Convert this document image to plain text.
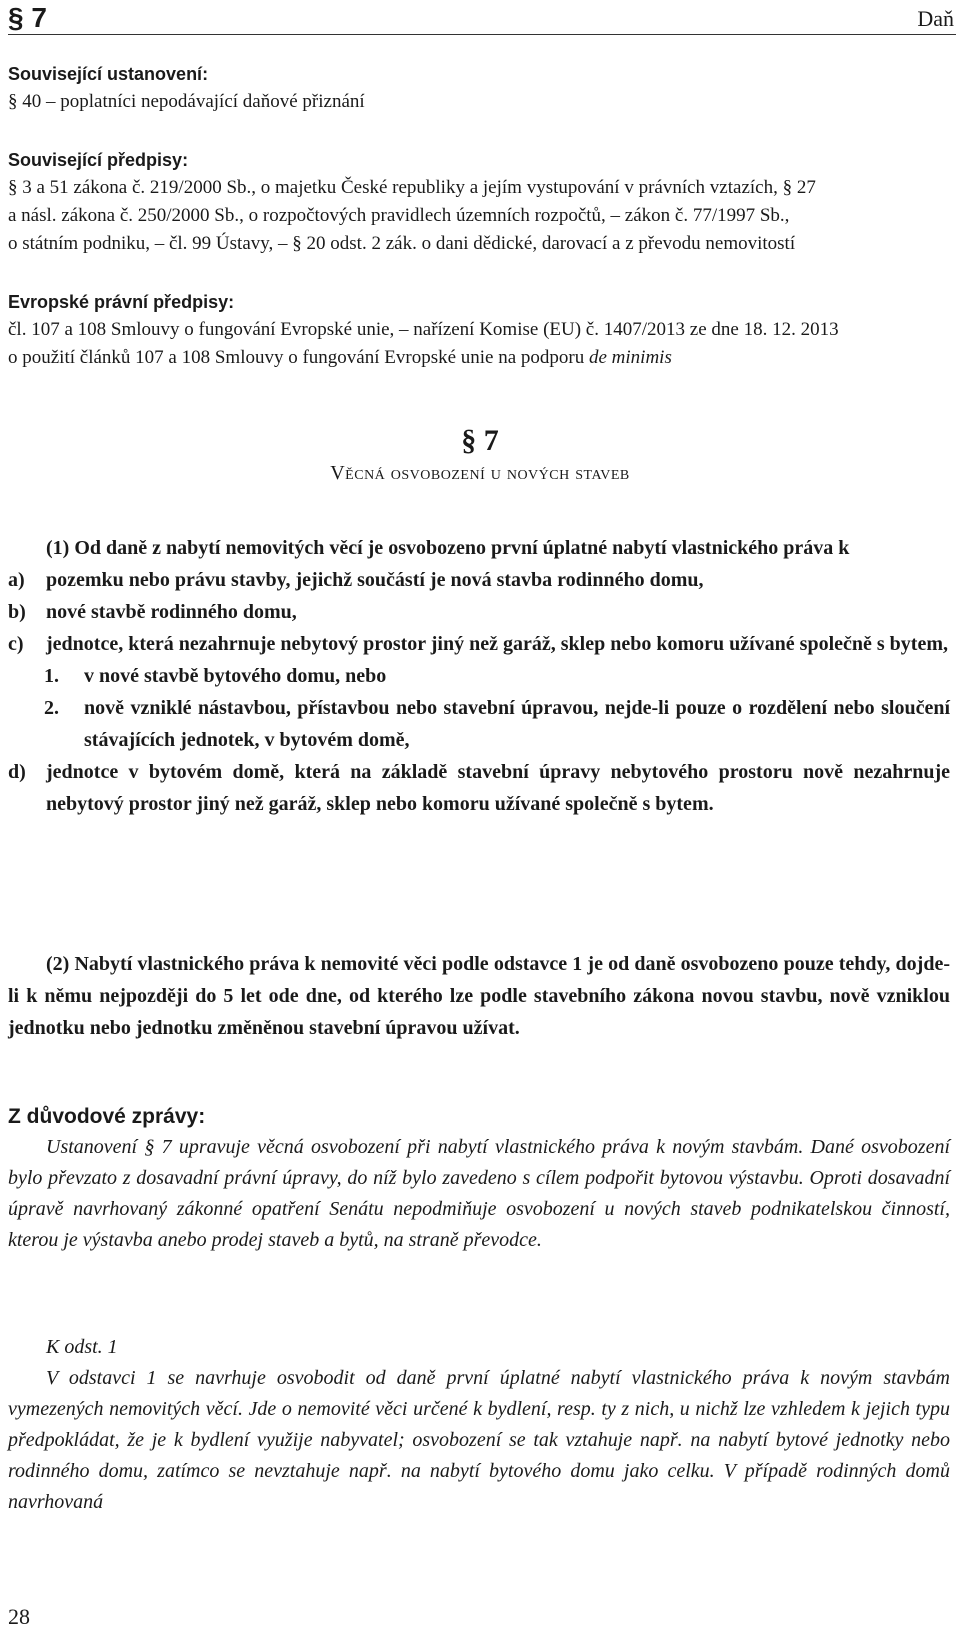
§ 7	Daň
Související ustanovení:
§ 40 – poplatníci nepodávající daňové přiznání
Související předpisy:
§ 3 a 51 zákona č. 219/2000 Sb., o majetku České republiky a jejím vystupování v právních vztazích, § 27
a násl. zákona č. 250/2000 Sb., o rozpočtových pravidlech územních rozpočtů, – zákon č. 77/1997 Sb.,
o státním podniku, – čl. 99 Ústavy, – § 20 odst. 2 zák. o dani dědické, darovací a z převodu nemovitostí
Evropské právní předpisy:
čl. 107 a 108 Smlouvy o fungování Evropské unie, – nařízení Komise (EU) č. 1407/2013 ze dne 18. 12. 2013
o použití článků 107 a 108 Smlouvy o fungování Evropské unie na podporu de minimis
§ 7
Věcná osvobození u nových staveb

(1) Od daně z nabytí nemovitých věcí je osvobozeno první úplatné nabytí vlastnického práva k

a) pozemku nebo právu stavby, jejichž součástí je nová stavba rodinného domu,
b) nové stavbě rodinného domu,
c) jednotce, která nezahrnuje nebytový prostor jiný než garáž, sklep nebo komoru užívané společně s bytem,
1. v nové stavbě bytového domu, nebo
2. nově vzniklé nástavbou, přístavbou nebo stavební úpravou, nejde-li pouze o rozdělení nebo sloučení stávajících jednotek, v bytovém domě,
d) jednotce v bytovém domě, která na základě stavební úpravy nebytového prostoru nově nezahrnuje nebytový prostor jiný než garáž, sklep nebo komoru užívané společně s bytem.

(2) Nabytí vlastnického práva k nemovité věci podle odstavce 1 je od daně osvobozeno pouze tehdy, dojde-li k němu nejpozději do 5 let ode dne, od kterého lze podle stavebního zákona novou stavbu, nově vzniklou jednotku nebo jednotku změněnou stavební úpravou užívat.

Z důvodové zprávy:

Ustanovení § 7 upravuje věcná osvobození při nabytí vlastnického práva k novým stavbám. Dané osvobození bylo převzato z dosavadní právní úpravy, do níž bylo zavedeno s cílem podpořit bytovou výstavbu. Oproti dosavadní úpravě navrhovaný zákonné opatření Senátu nepodmiňuje osvobození u nových staveb podnikatelskou činností, kterou je výstavba anebo prodej staveb a bytů, na straně převodce.

K odst. 1

V odstavci 1 se navrhuje osvobodit od daně první úplatné nabytí vlastnického práva k novým stavbám vymezených nemovitých věcí. Jde o nemovité věci určené k bydlení, resp. ty z nich, u nichž lze vzhledem k jejich typu předpokládat, že je k bydlení využije nabyvatel; osvobození se tak vztahuje např. na nabytí bytové jednotky nebo rodinného domu, zatímco se nevztahuje např. na nabytí bytového domu jako celku. V případě rodinných domů navrhovaná

28
